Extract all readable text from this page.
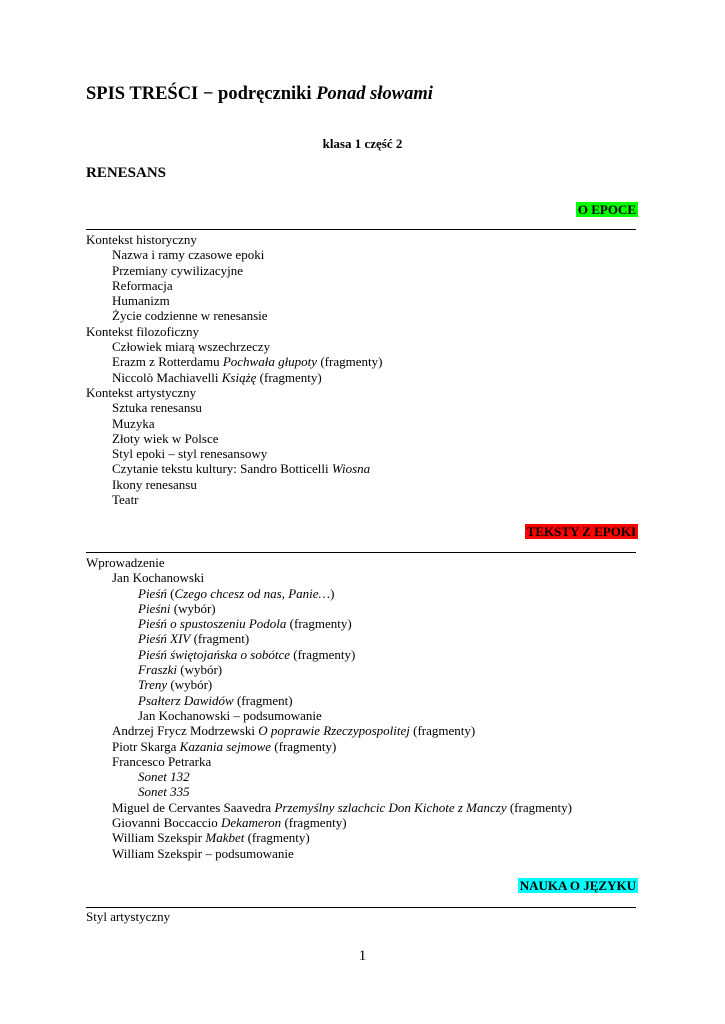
SPIS TREŚCI − podręczniki Ponad słowami
klasa 1 część 2
RENESANS
O EPOCE
Kontekst historyczny
Nazwa i ramy czasowe epoki
Przemiany cywilizacyjne
Reformacja
Humanizm
Życie codzienne w renesansie
Kontekst filozoficzny
Człowiek miarą wszechrzeczy
Erazm z Rotterdamu Pochwała głupoty (fragmenty)
Niccolò Machiavelli Książę (fragmenty)
Kontekst artystyczny
Sztuka renesansu
Muzyka
Złoty wiek w Polsce
Styl epoki – styl renesansowy
Czytanie tekstu kultury: Sandro Botticelli Wiosna
Ikony renesansu
Teatr
TEKSTY Z EPOKI
Wprowadzenie
Jan Kochanowski
Pieśń (Czego chcesz od nas, Panie…)
Pieśni (wybór)
Pieśń o spustoszeniu Podola (fragmenty)
Pieśń XIV (fragment)
Pieśń świętojańska o sobótce (fragmenty)
Fraszki (wybór)
Treny (wybór)
Psałterz Dawidów (fragment)
Jan Kochanowski – podsumowanie
Andrzej Frycz Modrzewski O poprawie Rzeczypospolitej (fragmenty)
Piotr Skarga Kazania sejmowe (fragmenty)
Francesco Petrarka
Sonet 132
Sonet 335
Miguel de Cervantes Saavedra Przemyślny szlachcic Don Kichote z Manczy (fragmenty)
Giovanni Boccaccio Dekameron (fragmenty)
William Szekspir Makbet (fragmenty)
William Szekspir – podsumowanie
NAUKA O JĘZYKU
Styl artystyczny
1
